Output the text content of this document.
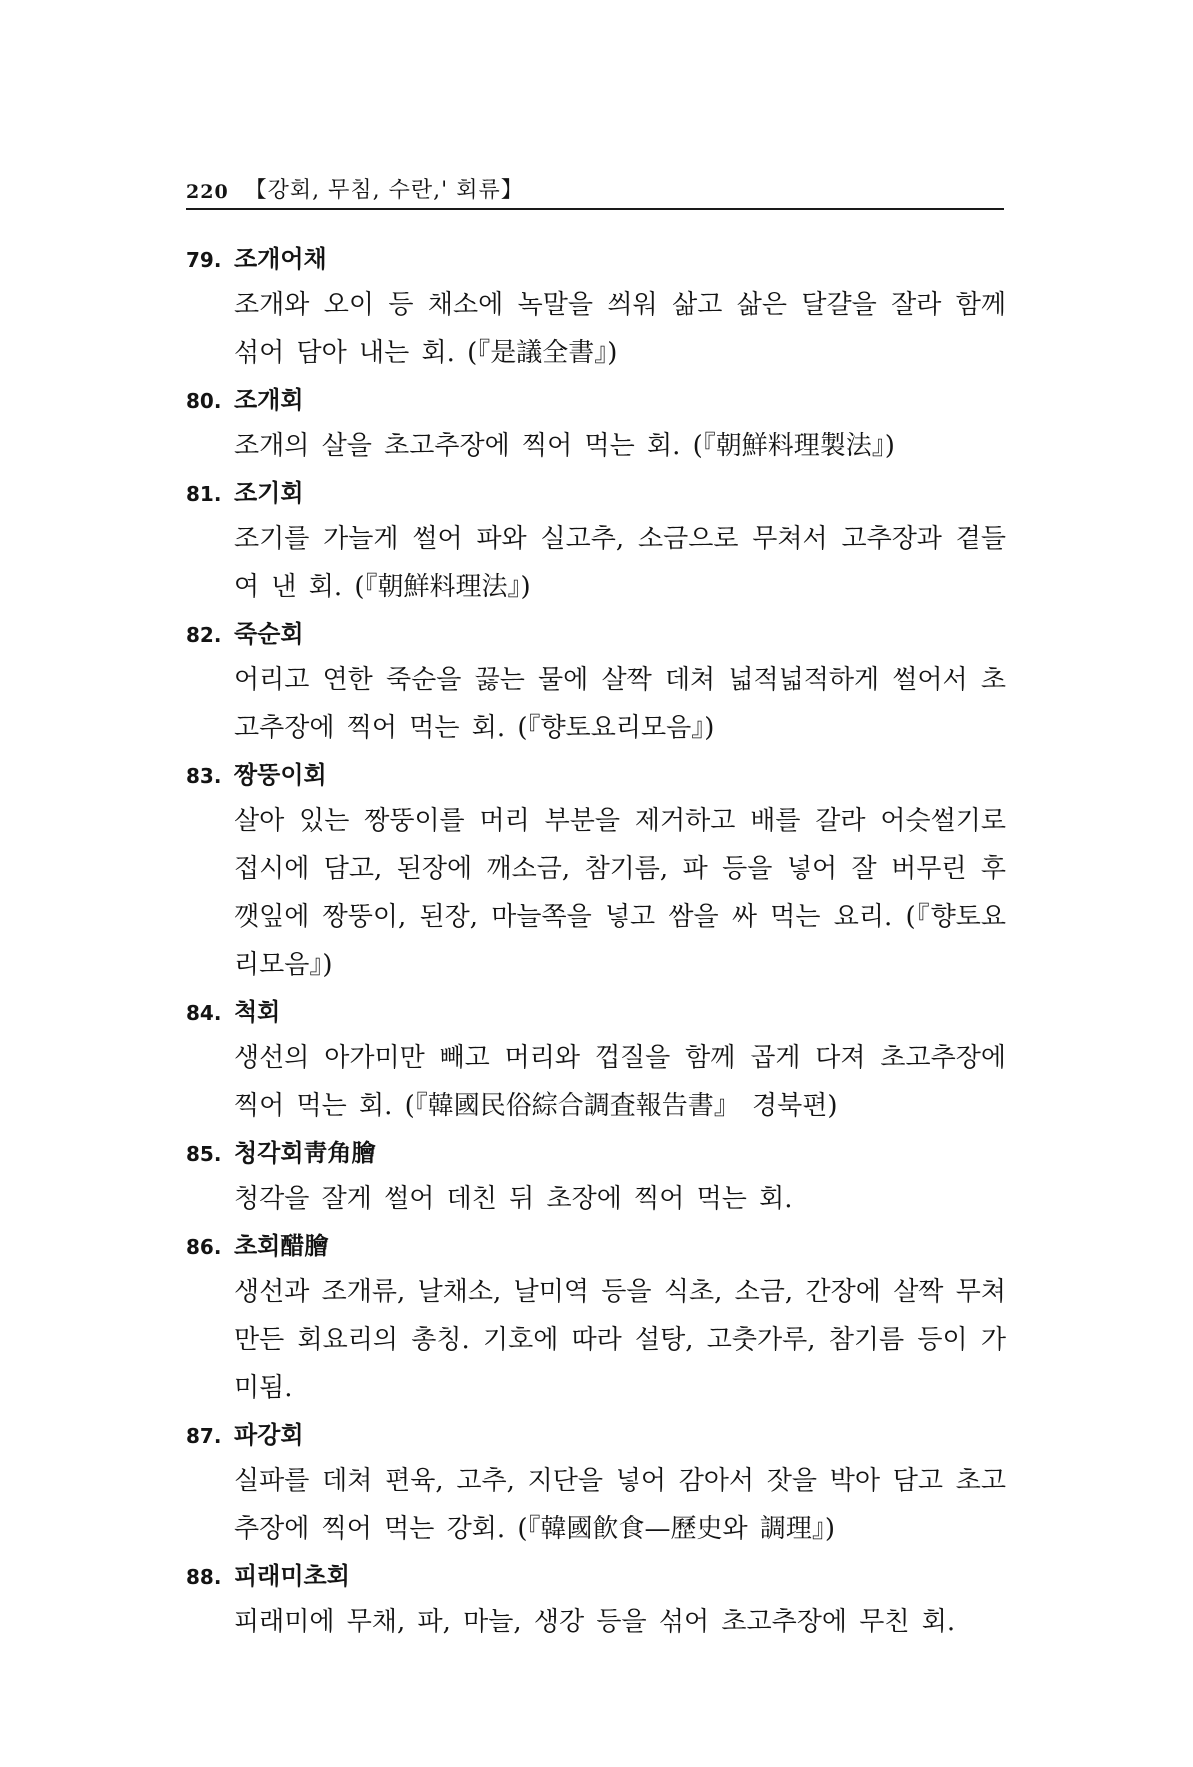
220 【강회, 무침, 수란,' 회류】
79. 조개어채
조개와 오이 등 채소에 녹말을 씌워 삶고 삶은 달걀을 잘라 함께 섞어 담아 내는 회. (『是議全書』)
80. 조개회
조개의 살을 초고추장에 찍어 먹는 회. (『朝鮮料理製法』)
81. 조기회
조기를 가늘게 썰어 파와 실고추, 소금으로 무쳐서 고추장과 곁들여 낸 회. (『朝鮮料理法』)
82. 죽순회
어리고 연한 죽순을 끓는 물에 살짝 데쳐 넓적넓적하게 썰어서 초고추장에 찍어 먹는 회. (『향토요리모음』)
83. 짱뚱이회
살아 있는 짱뚱이를 머리 부분을 제거하고 배를 갈라 어슷썰기로 접시에 담고, 된장에 깨소금, 참기름, 파 등을 넣어 잘 버무린 후 깻잎에 짱뚱이, 된장, 마늘쪽을 넣고 쌈을 싸 먹는 요리. (『향토요리모음』)
84. 척회
생선의 아가미만 빼고 머리와 껍질을 함께 곱게 다져 초고추장에 찍어 먹는 회. (『韓國民俗綜合調査報告書』 경북편)
85. 청각회靑角膾
청각을 잘게 썰어 데친 뒤 초장에 찍어 먹는 회.
86. 초회醋膾
생선과 조개류, 날채소, 날미역 등을 식초, 소금, 간장에 살짝 무쳐 만든 회요리의 총칭. 기호에 따라 설탕, 고춧가루, 참기름 등이 가미됨.
87. 파강회
실파를 데쳐 편육, 고추, 지단을 넣어 감아서 잣을 박아 담고 초고추장에 찍어 먹는 강회. (『韓國飮食—歷史와 調理』)
88. 피래미초회
피래미에 무채, 파, 마늘, 생강 등을 섞어 초고추장에 무친 회.
